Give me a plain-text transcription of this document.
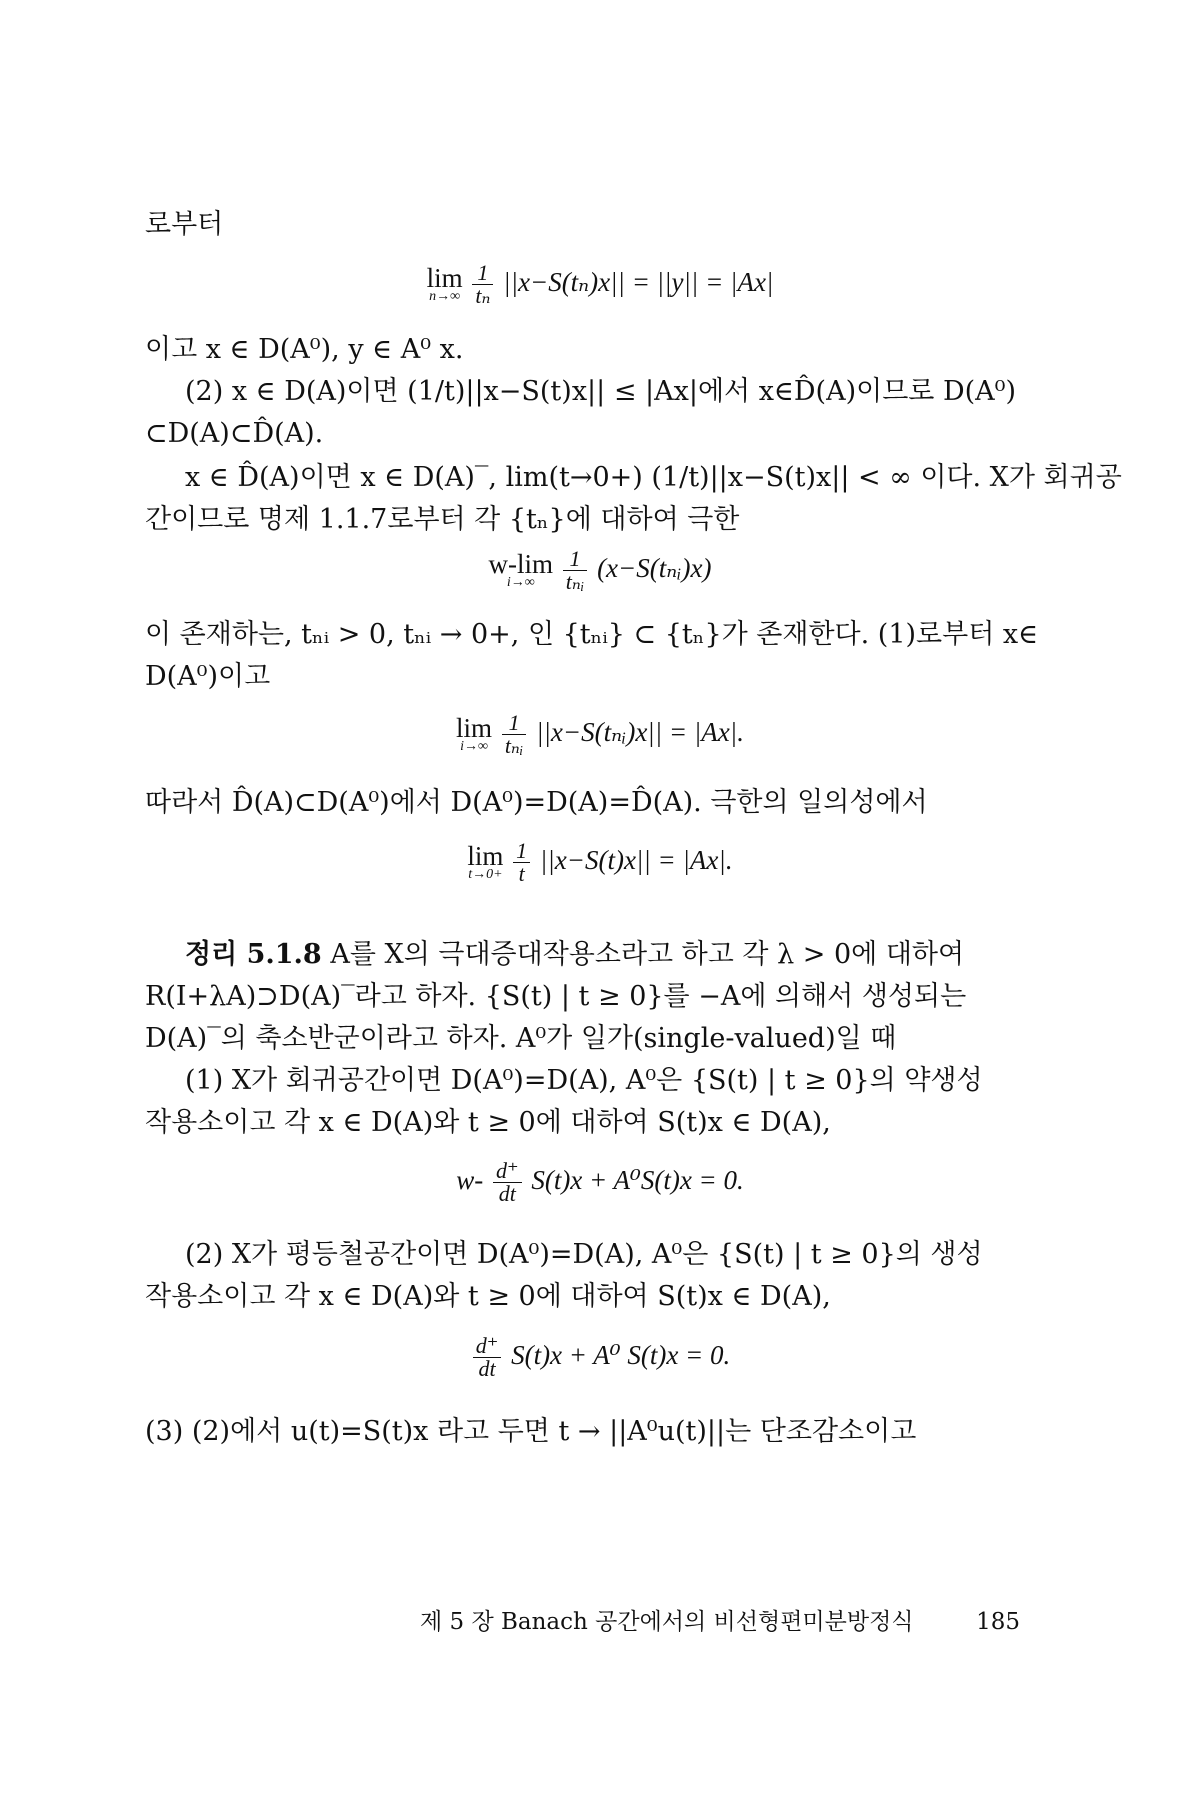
로부터
lim
n→∞
$\frac{1}{\text{tₙ}} ||x-S(t_n)x|| = ||y|| = |Ax|$
이고 x ∈ D(A⁰), y ∈ A⁰ x.
(2) x ∈ D(A)이면 (1/t)||x−S(t)x|| ≤ |Ax|에서 x∈D̂(A)이므로 D(A⁰)
⊂D(A)⊂D̂(A).
x ∈ D̂(A)이면 x ∈ D(A)‾, lim(t→0+) (1/t)||x−S(t)x|| < ∞ 이다. X가 회귀공
간이므로 명제 1.1.7로부터 각 {tₙ}에 대하여 극한
w-lim
i→∞
	$\frac{1}{\text{tₙᵢ}}$ (x−S(tₙᵢ)x)
이 존재하는, tₙᵢ > 0, tₙᵢ → 0+, 인 {tₙᵢ} ⊂ {tₙ}가 존재한다. (1)로부터 x∈
D(A⁰)이고
lim
i→∞
$\frac{1}{\text{tₙᵢ}}$ ||x−S(tₙᵢ)x|| = |Ax|.
따라서 D̂(A)⊂D(A⁰)에서 D(A⁰)=D(A)=D̂(A). 극한의 일의성에서
lim
t→0+
$\frac{1}{t} ||x-S(t)x|| = |Ax|$.
정리 5.1.8 A를 X의 극대증대작용소라고 하고 각 λ > 0에 대하여
R(I+λA)⊃D(A)‾라고 하자. {S(t) | t ≥ 0}를 −A에 의해서 생성되는
D(A)‾의 축소반군이라고 하자. A⁰가 일가(single-valued)일 때
(1) X가 회귀공간이면 D(A⁰)=D(A), A⁰은 {S(t) | t ≥ 0}의 약생성
작용소이고 각 x ∈ D(A)와 t ≥ 0에 대하여 S(t)x ∈ D(A),
$w- \frac{d^+}{dt} S(t)x + A^0S(t)x = 0$.
(2) X가 평등철공간이면 D(A⁰)=D(A), A⁰은 {S(t) | t ≥ 0}의 생성
작용소이고 각 x ∈ D(A)와 t ≥ 0에 대하여 S(t)x ∈ D(A),
$\frac{d^+}{dt} S(t)x + A^0$ S(t)x = 0.
(3) (2)에서 u(t)=S(t)x 라고 두면 t → ||A⁰u(t)||는 단조감소이고
제 5 장 Banach 공간에서의 비선형편미분방정식	185
